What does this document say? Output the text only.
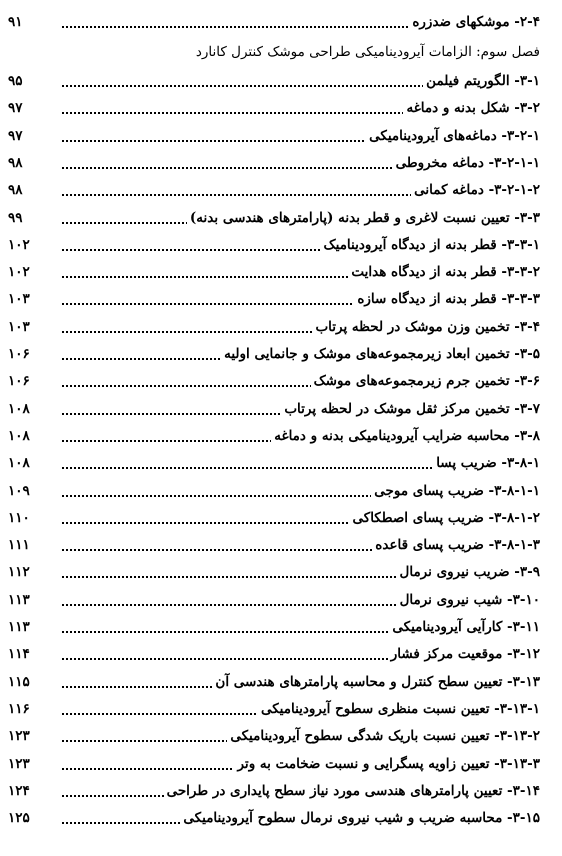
۲-۴- موشکهای ضدزره
۹۱
فصل سوم: الزامات آیرودینامیکی طراحی موشک کنترل کانارد
۳-۱- الگوریتم فیلمن
۹۵
۳-۲- شکل بدنه و دماغه
۹۷
۳-۲-۱- دماغه‌های آیرودینامیکی
۹۷
۳-۲-۱-۱- دماغه مخروطی
۹۸
۳-۲-۱-۲- دماغه کمانی
۹۸
۳-۳- تعیین نسبت لاغری و قطر بدنه (پارامترهای هندسی بدنه)
۹۹
۳-۳-۱- قطر بدنه از دیدگاه آیرودینامیک
۱۰۲
۳-۳-۲- قطر بدنه از دیدگاه هدایت
۱۰۲
۳-۳-۳- قطر بدنه از دیدگاه سازه
۱۰۳
۳-۴- تخمین وزن موشک در لحظه پرتاب
۱۰۳
۳-۵- تخمین ابعاد زیرمجموعه‌های موشک و جانمایی اولیه
۱۰۶
۳-۶- تخمین جرم زیرمجموعه‌های موشک
۱۰۶
۳-۷- تخمین مرکز ثقل موشک در لحظه پرتاب
۱۰۸
۳-۸- محاسبه ضرایب آیرودینامیکی بدنه و دماغه
۱۰۸
۳-۸-۱- ضریب پسا
۱۰۸
۳-۸-۱-۱- ضریب پسای موجی
۱۰۹
۳-۸-۱-۲- ضریب پسای اصطکاکی
۱۱۰
۳-۸-۱-۳- ضریب پسای قاعده
۱۱۱
۳-۹- ضریب نیروی نرمال
۱۱۲
۳-۱۰- شیب نیروی نرمال
۱۱۳
۳-۱۱- کارآیی آیرودینامیکی
۱۱۳
۳-۱۲- موقعیت مرکز فشار
۱۱۴
۳-۱۳- تعیین سطح کنترل و محاسبه پارامترهای هندسی آن
۱۱۵
۳-۱۳-۱- تعیین نسبت منظری سطوح آیرودینامیکی
۱۱۶
۳-۱۳-۲- تعیین نسبت باریک شدگی سطوح آیرودینامیکی
۱۲۳
۳-۱۳-۳- تعیین زاویه پسگرایی و نسبت ضخامت به وتر
۱۲۳
۳-۱۴- تعیین پارامترهای هندسی مورد نیاز سطح پایداری در طراحی
۱۲۴
۳-۱۵- محاسبه ضریب و شیب نیروی نرمال سطوح آیرودینامیکی
۱۲۵
